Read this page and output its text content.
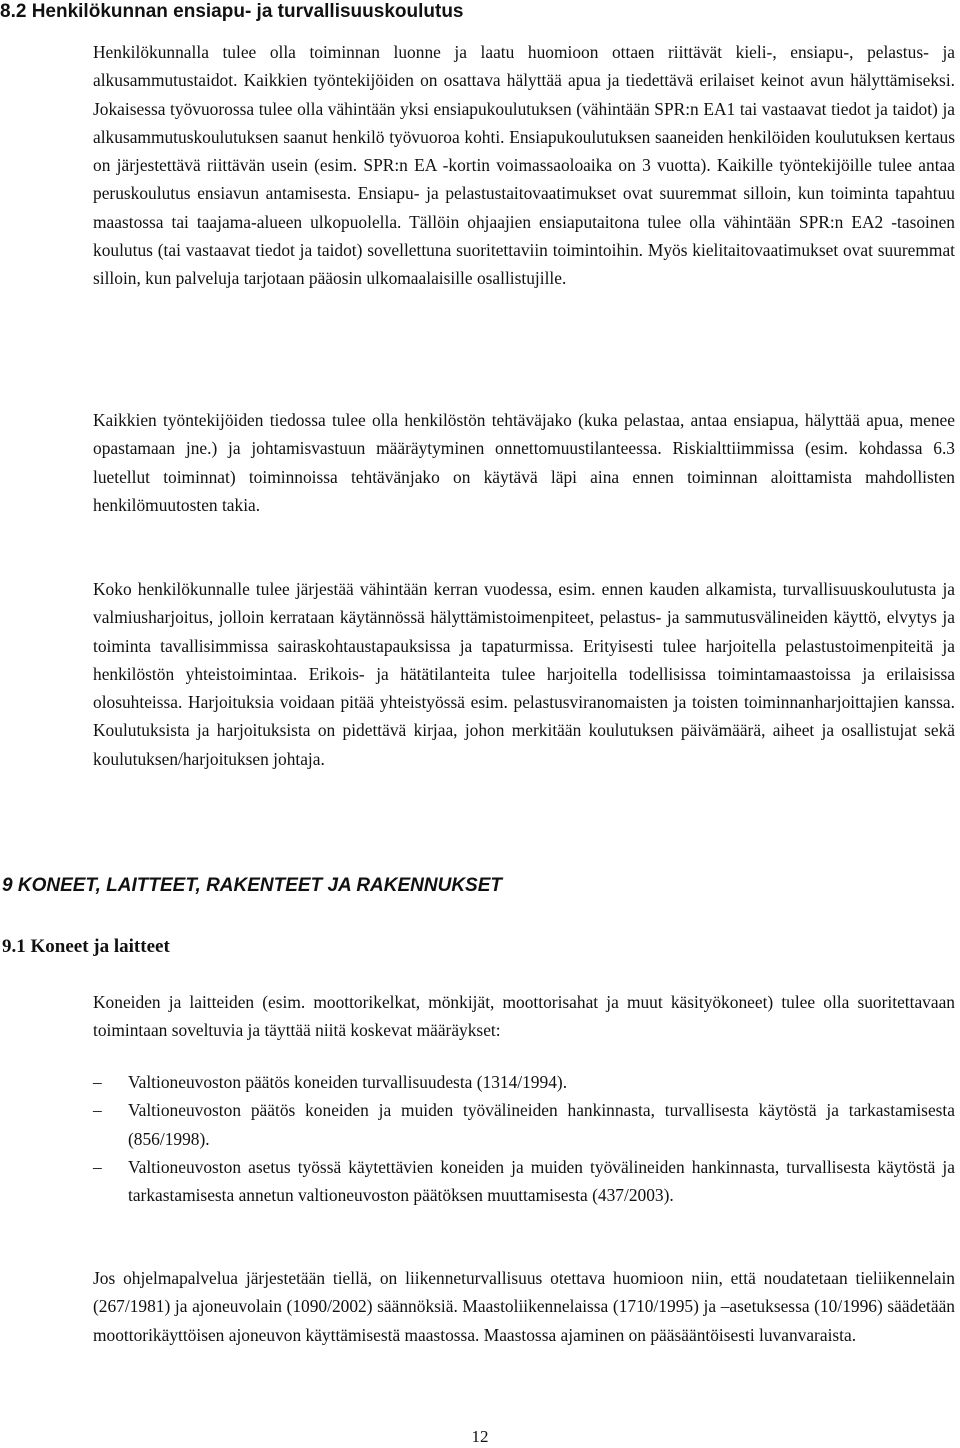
8.2 Henkilökunnan ensiapu- ja turvallisuuskoulutus

Henkilökunnalla tulee olla toiminnan luonne ja laatu huomioon ottaen riittävät kieli-, ensiapu-, pelastus- ja alkusammutustaidot. Kaikkien työntekijöiden on osattava hälyttää apua ja tiedettävä erilaiset keinot avun hälyttämiseksi. Jokaisessa työvuorossa tulee olla vähintään yksi ensiapukoulutuksen (vähintään SPR:n EA1 tai vastaavat tiedot ja taidot) ja alkusammutuskoulutuksen saanut henkilö työvuoroa kohti. Ensiapukoulutuksen saaneiden henkilöiden koulutuksen kertaus on järjestettävä riittävän usein (esim. SPR:n EA -kortin voimassaoloaika on 3 vuotta). Kaikille työntekijöille tulee antaa peruskoulutus ensiavun antamisesta. Ensiapu- ja pelastustaitovaatimukset ovat suuremmat silloin, kun toiminta tapahtuu maastossa tai taajama-alueen ulkopuolella. Tällöin ohjaajien ensiaputaitona tulee olla vähintään SPR:n EA2 -tasoinen koulutus (tai vastaavat tiedot ja taidot) sovellettuna suoritettaviin toimintoihin. Myös kielitaitovaatimukset ovat suuremmat silloin, kun palveluja tarjotaan pääosin ulkomaalaisille osallistujille.

Kaikkien työntekijöiden tiedossa tulee olla henkilöstön tehtäväjako (kuka pelastaa, antaa ensiapua, hälyttää apua, menee opastamaan jne.) ja johtamisvastuun määräytyminen onnettomuustilanteessa. Riskialttiimmissa (esim. kohdassa 6.3 luetellut toiminnat) toiminnoissa tehtävänjako on käytävä läpi aina ennen toiminnan aloittamista mahdollisten henkilömuutosten takia.

Koko henkilökunnalle tulee järjestää vähintään kerran vuodessa, esim. ennen kauden alkamista, turvallisuuskoulutusta ja valmiusharjoitus, jolloin kerrataan käytännössä hälyttämistoimenpiteet, pelastus- ja sammutusvälineiden käyttö, elvytys ja toiminta tavallisimmissa sairaskohtaustapauksissa ja tapaturmissa. Erityisesti tulee harjoitella pelastustoimenpiteitä ja henkilöstön yhteistoimintaa. Erikois- ja hätätilanteita tulee harjoitella todellisissa toimintamaastoissa ja erilaisissa olosuhteissa. Harjoituksia voidaan pitää yhteistyössä esim. pelastusviranomaisten ja toisten toiminnanharjoittajien kanssa. Koulutuksista ja harjoituksista on pidettävä kirjaa, johon merkitään koulutuksen päivämäärä, aiheet ja osallistujat sekä koulutuksen/harjoituksen johtaja.

9 KONEET, LAITTEET, RAKENTEET JA RAKENNUKSET
9.1 Koneet ja laitteet

Koneiden ja laitteiden (esim. moottorikelkat, mönkijät, moottorisahat ja muut käsityökoneet) tulee olla suoritettavaan toimintaan soveltuvia ja täyttää niitä koskevat määräykset:

–	Valtioneuvoston päätös koneiden turvallisuudesta (1314/1994).
–	Valtioneuvoston päätös koneiden ja muiden työvälineiden hankinnasta, turvallisesta käytöstä ja tarkastamisesta (856/1998).
–	Valtioneuvoston asetus työssä käytettävien koneiden ja muiden työvälineiden hankinnasta, turvallisesta käytöstä ja tarkastamisesta annetun valtioneuvoston päätöksen muuttamisesta (437/2003).

Jos ohjelmapalvelua järjestetään tiellä, on liikenneturvallisuus otettava huomioon niin, että noudatetaan tieliikennelain (267/1981) ja ajoneuvolain (1090/2002) säännöksiä. Maastoliikennelaissa (1710/1995) ja –asetuksessa (10/1996) säädetään moottorikäyttöisen ajoneuvon käyttämisestä maastossa. Maastossa ajaminen on pääsääntöisesti luvanvaraista.

12
